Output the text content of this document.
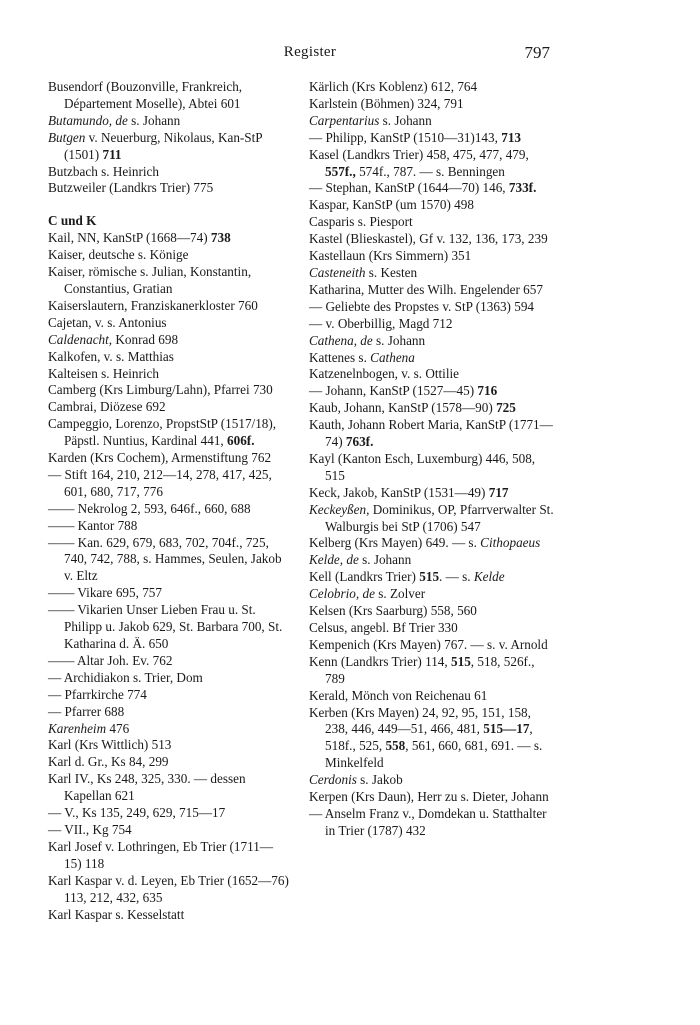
Register	797
Busendorf (Bouzonville, Frankreich, Département Moselle), Abtei 601
Butamundo, de s. Johann
Butgen v. Neuerburg, Nikolaus, Kan-StP (1501) 711
Butzbach s. Heinrich
Butzweiler (Landkrs Trier) 775
C und K
Kail, NN, KanStP (1668—74) 738
Kaiser, deutsche s. Könige
Kaiser, römische s. Julian, Konstantin, Constantius, Gratian
Kaiserslautern, Franziskanerkloster 760
Cajetan, v. s. Antonius
Caldenacht, Konrad 698
Kalkofen, v. s. Matthias
Kalteisen s. Heinrich
Camberg (Krs Limburg/Lahn), Pfarrei 730
Cambrai, Diözese 692
Campeggio, Lorenzo, PropstStP (1517/18), Päpstl. Nuntius, Kardinal 441, 606f.
Karden (Krs Cochem), Armenstiftung 762
— Stift 164, 210, 212—14, 278, 417, 425, 601, 680, 717, 776
—— Nekrolog 2, 593, 646f., 660, 688
—— Kantor 788
—— Kan. 629, 679, 683, 702, 704f., 725, 740, 742, 788, s. Hammes, Seulen, Jakob v. Eltz
—— Vikare 695, 757
—— Vikarien Unser Lieben Frau u. St. Philipp u. Jakob 629, St. Barbara 700, St. Katharina d. Ä. 650
—— Altar Joh. Ev. 762
— Archidiakon s. Trier, Dom
— Pfarrkirche 774
— Pfarrer 688
Karenheim 476
Karl (Krs Wittlich) 513
Karl d. Gr., Ks 84, 299
Karl IV., Ks 248, 325, 330. — dessen Kapellan 621
— V., Ks 135, 249, 629, 715—17
— VII., Kg 754
Karl Josef v. Lothringen, Eb Trier (1711—15) 118
Karl Kaspar v. d. Leyen, Eb Trier (1652—76) 113, 212, 432, 635
Karl Kaspar s. Kesselstatt
Kärlich (Krs Koblenz) 612, 764
Karlstein (Böhmen) 324, 791
Carpentarius s. Johann
— Philipp, KanStP (1510—31)143, 713
Kasel (Landkrs Trier) 458, 475, 477, 479, 557f., 574f., 787. — s. Benningen
— Stephan, KanStP (1644—70) 146, 733f.
Kaspar, KanStP (um 1570) 498
Casparis s. Piesport
Kastel (Blieskastel), Gf v. 132, 136, 173, 239
Kastellaun (Krs Simmern) 351
Casteneith s. Kesten
Katharina, Mutter des Wilh. Engelender 657
— Geliebte des Propstes v. StP (1363) 594
— v. Oberbillig, Magd 712
Cathena, de s. Johann
Kattenes s. Cathena
Katzenelnbogen, v. s. Ottilie
— Johann, KanStP (1527—45) 716
Kaub, Johann, KanStP (1578—90) 725
Kauth, Johann Robert Maria, KanStP (1771—74) 763f.
Kayl (Kanton Esch, Luxemburg) 446, 508, 515
Keck, Jakob, KanStP (1531—49) 717
Keckeyßen, Dominikus, OP, Pfarrverwalter St. Walburgis bei StP (1706) 547
Kelberg (Krs Mayen) 649. — s. Cithopaeus
Kelde, de s. Johann
Kell (Landkrs Trier) 515. — s. Kelde
Celobrio, de s. Zolver
Kelsen (Krs Saarburg) 558, 560
Celsus, angebl. Bf Trier 330
Kempenich (Krs Mayen) 767. — s. v. Arnold
Kenn (Landkrs Trier) 114, 515, 518, 526f., 789
Kerald, Mönch von Reichenau 61
Kerben (Krs Mayen) 24, 92, 95, 151, 158, 238, 446, 449—51, 466, 481, 515—17, 518f., 525, 558, 561, 660, 681, 691. — s. Minkelfeld
Cerdonis s. Jakob
Kerpen (Krs Daun), Herr zu s. Dieter, Johann
— Anselm Franz v., Domdekan u. Statthalter in Trier (1787) 432
